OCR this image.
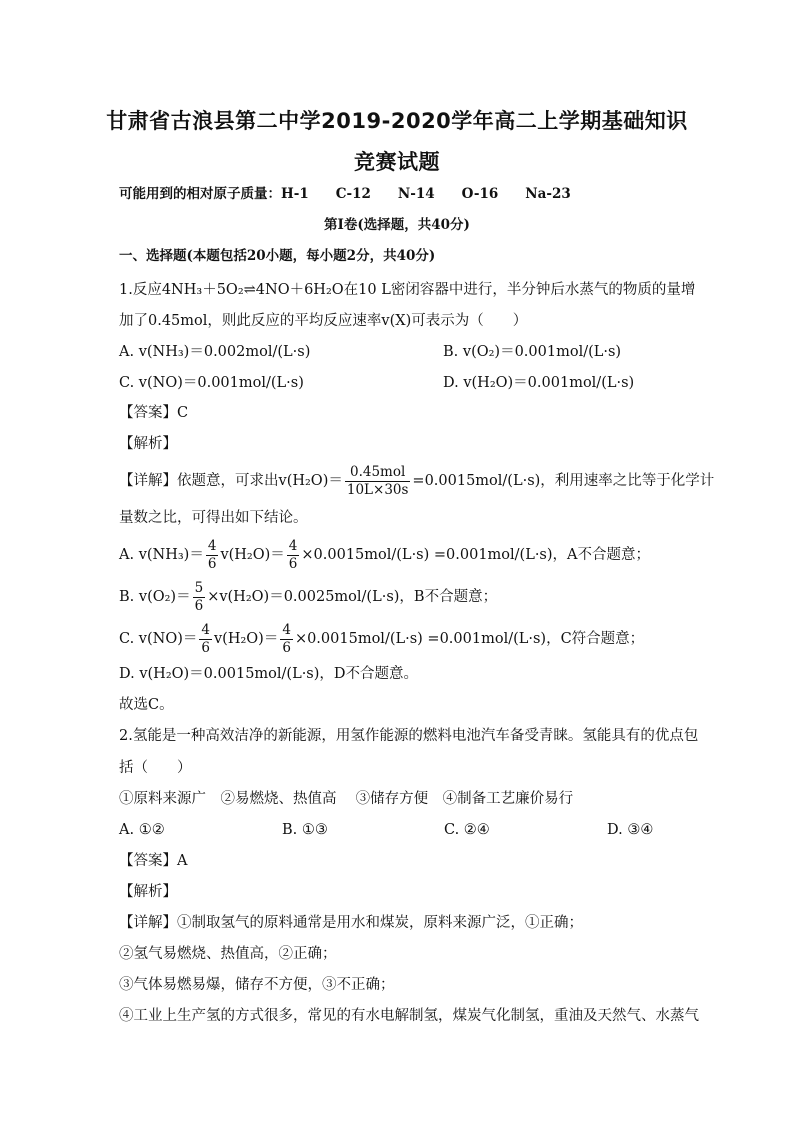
甘肃省古浪县第二中学2019-2020学年高二上学期基础知识
竞赛试题
可能用到的相对原子质量：H-1　　C-12　　N-14　　O-16　　Na-23
第Ⅰ卷(选择题，共40分)
一、选择题(本题包括20小题，每小题2分，共40分)
1.反应4NH₃＋5O₂⇌4NO＋6H₂O在10 L密闭容器中进行，半分钟后水蒸气的物质的量增
加了0.45mol，则此反应的平均反应速率v(X)可表示为（　　）
A. v(NH₃)＝0.002mol/(L·s)	B. v(O₂)＝0.001mol/(L·s)
C. v(NO)＝0.001mol/(L·s)	D. v(H₂O)＝0.001mol/(L·s)
【答案】C
【解析】
【详解】依题意，可求出$v(H_2O)= \frac{\text{0.45mol}}{10L\times 30s} =0.0015mol/(L\cdot s)$，利用速率之比等于化学计
量数之比，可得出如下结论。
A. $v(NH_3)= \frac{4}{6} v(H_2O)= \frac{4}{6} \times 0.0015mol/(L\cdot s) =0.001mol/(L\cdot s)$，A不合题意；
B. $v(O_2)= \frac{5}{6} \times v(H_2O)=0.0025mol/(L\cdot s)$，B不合题意；
C. $v(NO)= \frac{4}{6} v(H_2O)= \frac{4}{6} \times 0.0015mol/(L\cdot s) =0.001mol/(L\cdot s)$，C符合题意；
D. v(H₂O)＝0.0015mol/(L·s)，D不合题意。
故选C。
2.氢能是一种高效洁净的新能源，用氢作能源的燃料电池汽车备受青睐。氢能具有的优点包
括（　　）
①原料来源广　②易燃烧、热值高　 ③储存方便　④制备工艺廉价易行
A. ①②	B. ①③	C. ②④	D. ③④
【答案】A
【解析】
【详解】①制取氢气的原料通常是用水和煤炭，原料来源广泛，①正确；
②氢气易燃烧、热值高，②正确；
③气体易燃易爆，储存不方便，③不正确；
④工业上生产氢的方式很多，常见的有水电解制氢，煤炭气化制氢，重油及天然气、水蒸气
